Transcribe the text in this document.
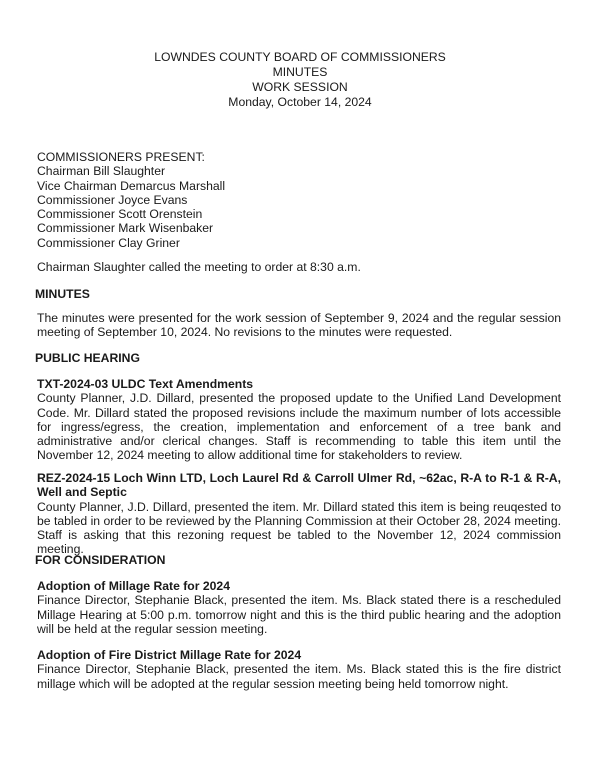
LOWNDES COUNTY BOARD OF COMMISSIONERS
MINUTES
WORK SESSION
Monday, October 14, 2024
COMMISSIONERS PRESENT:
Chairman Bill Slaughter
Vice Chairman Demarcus Marshall
Commissioner Joyce Evans
Commissioner Scott Orenstein
Commissioner Mark Wisenbaker
Commissioner Clay Griner
Chairman Slaughter called the meeting to order at 8:30 a.m.
MINUTES
The minutes were presented for the work session of September 9, 2024 and the regular session meeting of September 10, 2024. No revisions to the minutes were requested.
PUBLIC HEARING
TXT-2024-03 ULDC Text Amendments
County Planner, J.D. Dillard, presented the proposed update to the Unified Land Development Code. Mr. Dillard stated the proposed revisions include the maximum number of lots accessible for ingress/egress, the creation, implementation and enforcement of a tree bank and administrative and/or clerical changes. Staff is recommending to table this item until the November 12, 2024 meeting to allow additional time for stakeholders to review.
REZ-2024-15 Loch Winn LTD, Loch Laurel Rd & Carroll Ulmer Rd, ~62ac, R-A to R-1 & R-A, Well and Septic
County Planner, J.D. Dillard, presented the item. Mr. Dillard stated this item is being reuqested to be tabled in order to be reviewed by the Planning Commission at their October 28, 2024 meeting. Staff is asking that this rezoning request be tabled to the November 12, 2024 commission meeting.
FOR CONSIDERATION
Adoption of Millage Rate for 2024
Finance Director, Stephanie Black, presented the item. Ms. Black stated there is a rescheduled Millage Hearing at 5:00 p.m. tomorrow night and this is the third public hearing and the adoption will be held at the regular session meeting.
Adoption of Fire District Millage Rate for 2024
Finance Director, Stephanie Black, presented the item. Ms. Black stated this is the fire district millage which will be adopted at the regular session meeting being held tomorrow night.
